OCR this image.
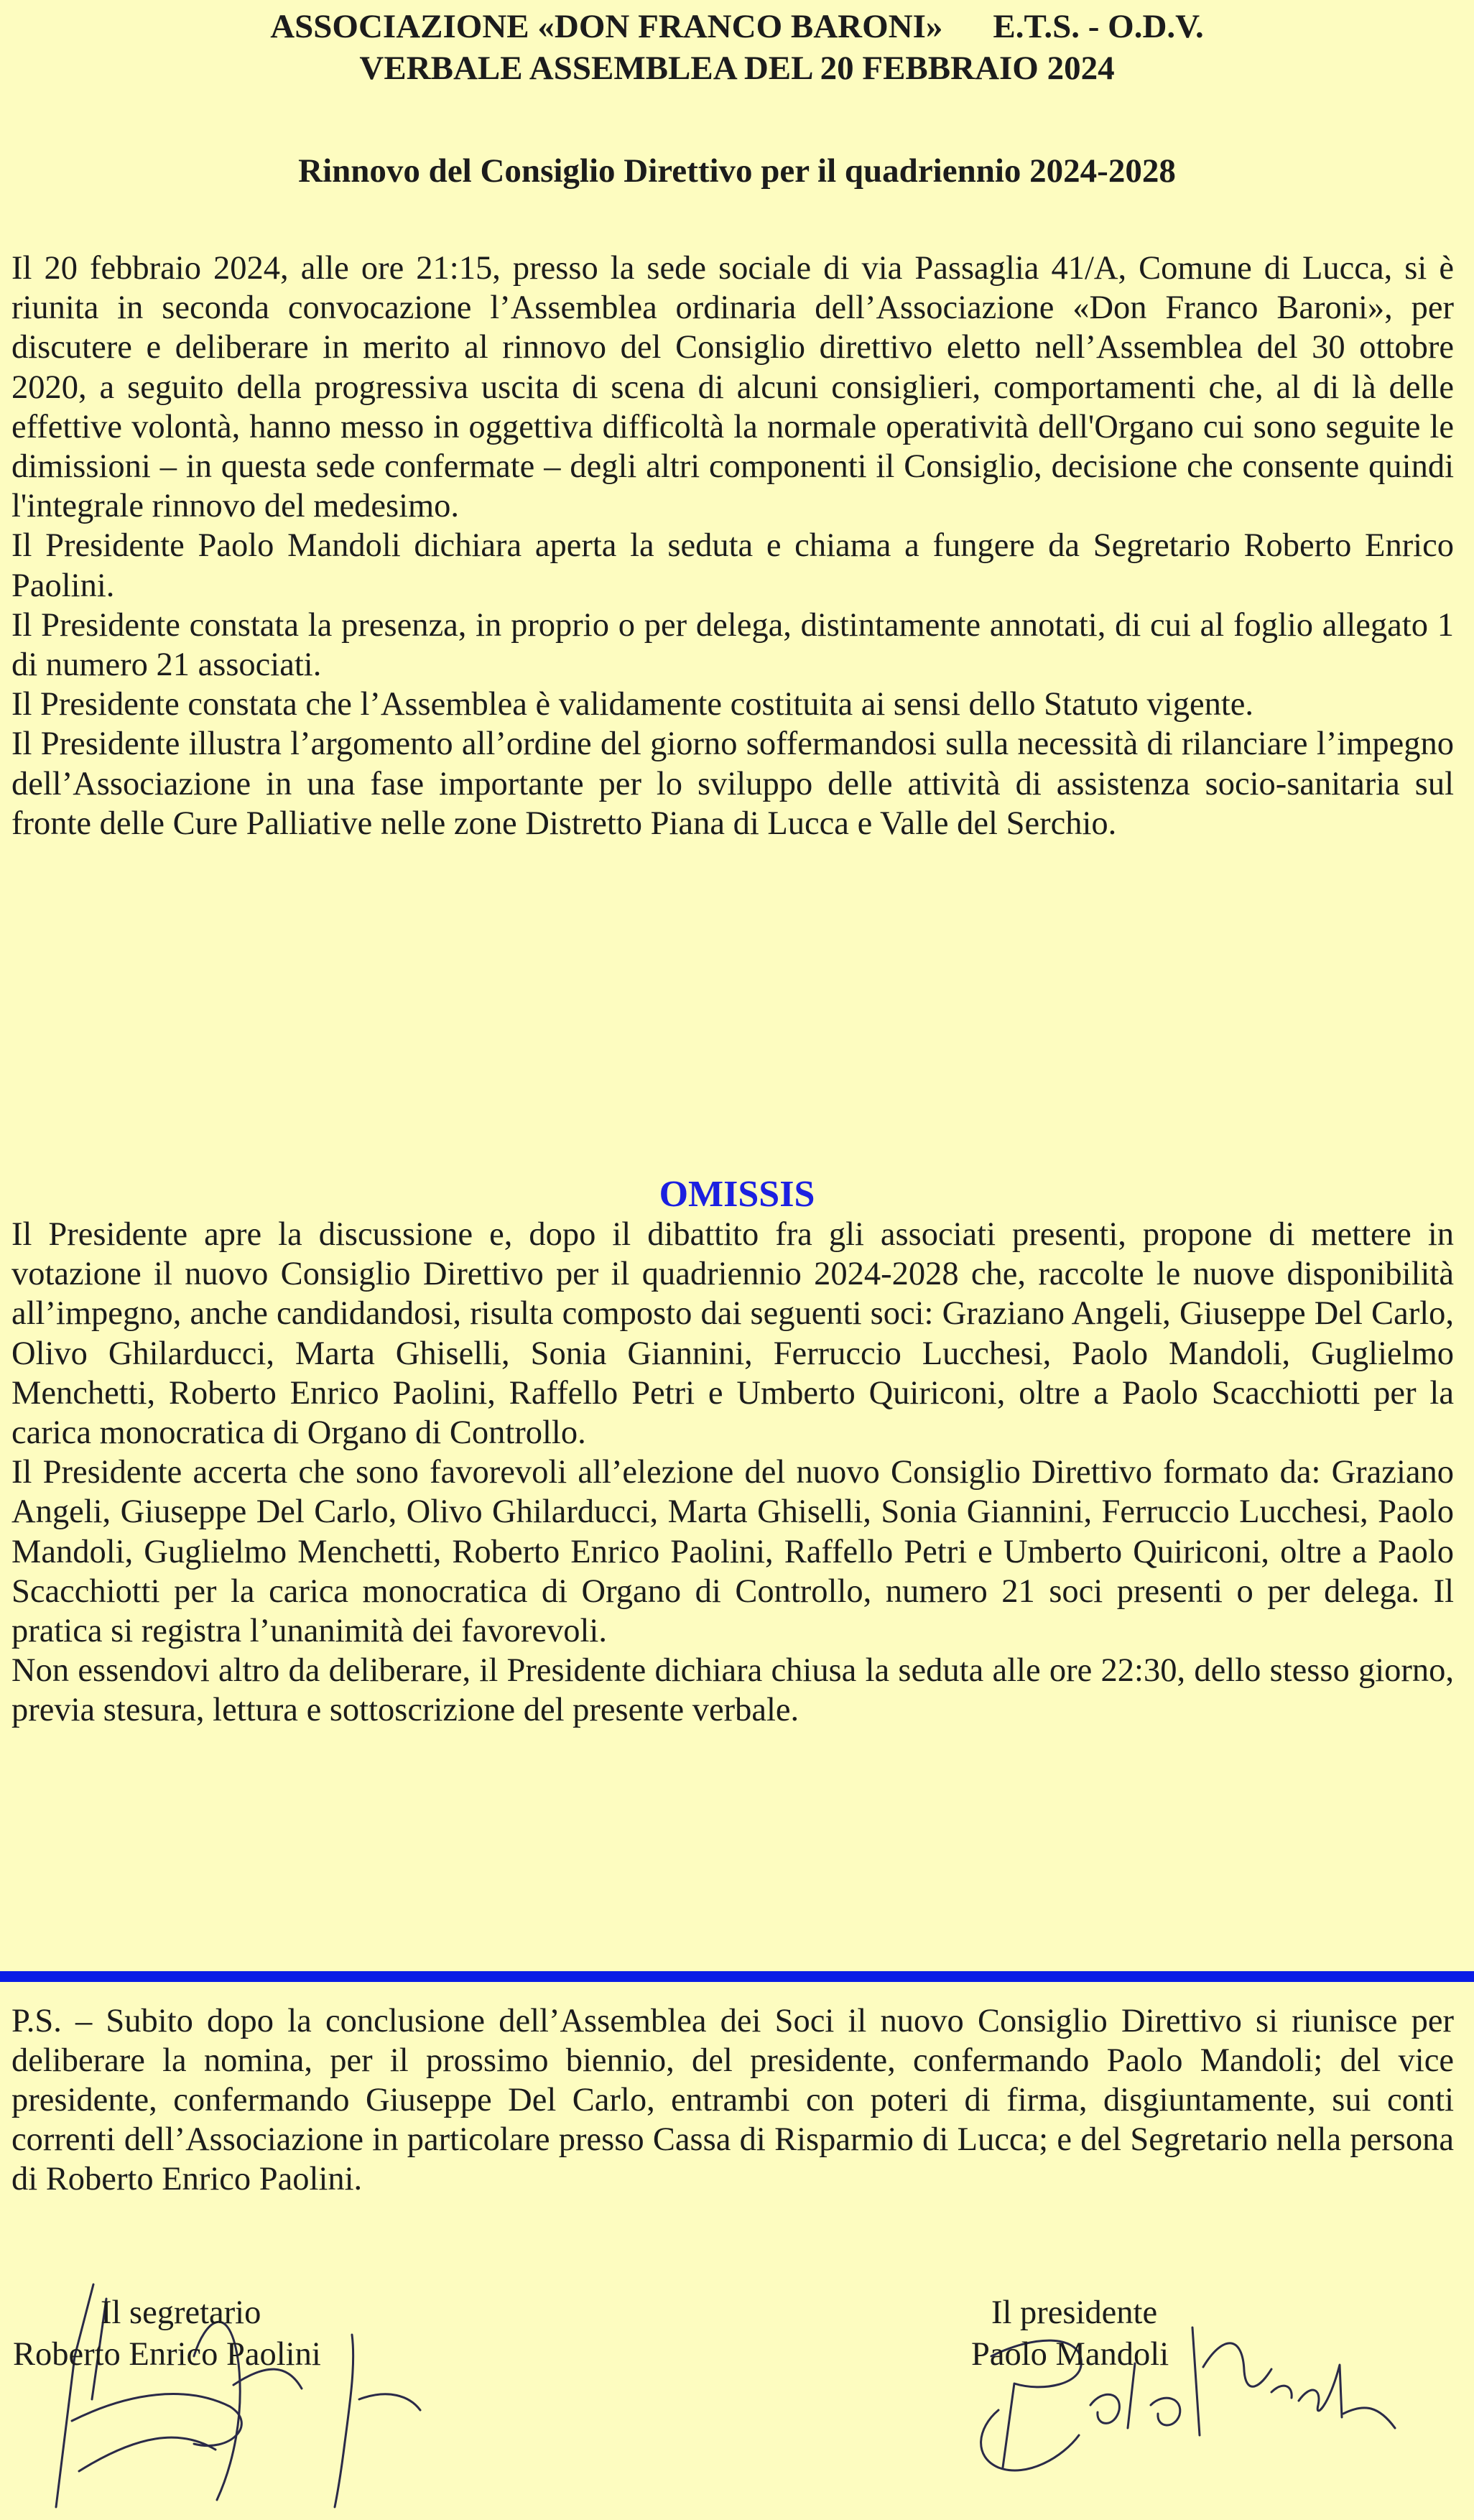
ASSOCIAZIONE «DON FRANCO BARONI» E.T.S. - O.D.V.
VERBALE ASSEMBLEA DEL 20 FEBBRAIO 2024
Rinnovo del Consiglio Direttivo per il quadriennio 2024-2028

Il 20 febbraio 2024, alle ore 21:15, presso la sede sociale di via Passaglia 41/A, Comune di Lucca, si è riunita in seconda convocazione l’Assemblea ordinaria dell’Associazione «Don Franco Baroni», per discutere e deliberare in merito al rinnovo del Consiglio direttivo eletto nell’Assemblea del 30 ottobre 2020, a seguito della progressiva uscita di scena di alcuni consiglieri, comportamenti che, al di là delle effettive volontà, hanno messo in oggettiva difficoltà la normale operatività dell'Organo cui sono seguite le dimissioni – in questa sede confermate – degli altri componenti il Consiglio, decisione che consente quindi l'integrale rinnovo del medesimo.

Il Presidente Paolo Mandoli dichiara aperta la seduta e chiama a fungere da Segretario Roberto Enrico Paolini.

Il Presidente constata la presenza, in proprio o per delega, distintamente annotati, di cui al foglio allegato 1 di numero 21 associati.

Il Presidente constata che l’Assemblea è validamente costituita ai sensi dello Statuto vigente.

Il Presidente illustra l’argomento all’ordine del giorno soffermandosi sulla necessità di rilanciare l’impegno dell’Associazione in una fase importante per lo sviluppo delle attività di assistenza socio-sanitaria sul fronte delle Cure Palliative nelle zone Distretto Piana di Lucca e Valle del Serchio.

OMISSIS

Il Presidente apre la discussione e, dopo il dibattito fra gli associati presenti, propone di mettere in votazione il nuovo Consiglio Direttivo per il quadriennio 2024-2028 che, raccolte le nuove disponibilità all’impegno, anche candidandosi, risulta composto dai seguenti soci: Graziano Angeli, Giuseppe Del Carlo, Olivo Ghilarducci, Marta Ghiselli, Sonia Giannini, Ferruccio Lucchesi, Paolo Mandoli, Guglielmo Menchetti, Roberto Enrico Paolini, Raffello Petri e Umberto Quiriconi, oltre a Paolo Scacchiotti per la carica monocratica di Organo di Controllo.

Il Presidente accerta che sono favorevoli all’elezione del nuovo Consiglio Direttivo formato da: Graziano Angeli, Giuseppe Del Carlo, Olivo Ghilarducci, Marta Ghiselli, Sonia Giannini, Ferruccio Lucchesi, Paolo Mandoli, Guglielmo Menchetti, Roberto Enrico Paolini, Raffello Petri e Umberto Quiriconi, oltre a Paolo Scacchiotti per la carica monocratica di Organo di Controllo, numero 21 soci presenti o per delega. Il pratica si registra l’unanimità dei favorevoli.

Non essendovi altro da deliberare, il Presidente dichiara chiusa la seduta alle ore 22:30, dello stesso giorno, previa stesura, lettura e sottoscrizione del presente verbale.

P.S. – Subito dopo la conclusione dell’Assemblea dei Soci il nuovo Consiglio Direttivo si riunisce per deliberare la nomina, per il prossimo biennio, del presidente, confermando Paolo Mandoli; del vice presidente, confermando Giuseppe Del Carlo, entrambi con poteri di firma, disgiuntamente, sui conti correnti dell’Associazione in particolare presso Cassa di Risparmio di Lucca; e del Segretario nella persona di Roberto Enrico Paolini.

Il segretario
Roberto Enrico Paolini
Il presidente
Paolo Mandoli
